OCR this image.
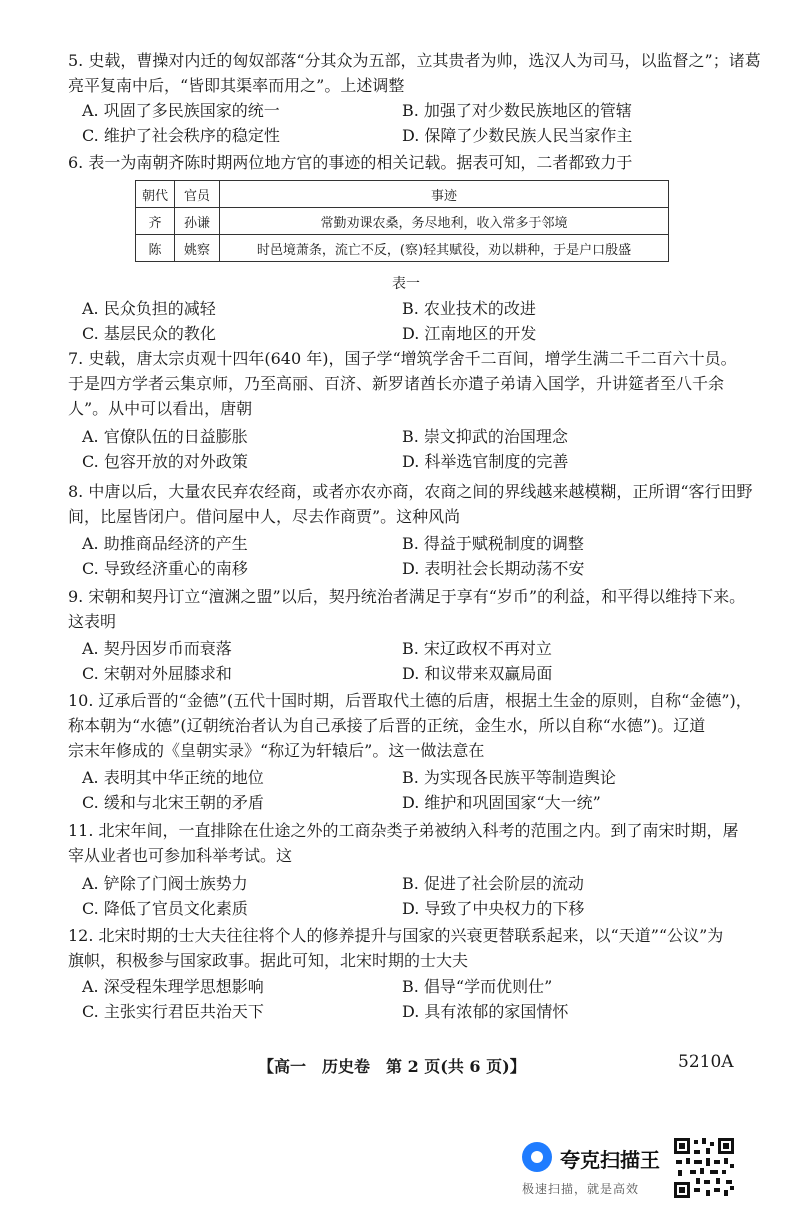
5. 史载，曹操对内迁的匈奴部落“分其众为五部，立其贵者为帅，选汉人为司马，以监督之”；诸葛
亮平复南中后，“皆即其渠率而用之”。上述调整
A. 巩固了多民族国家的统一	B. 加强了对少数民族地区的管辖
C. 维护了社会秩序的稳定性	D. 保障了少数民族人民当家作主
6. 表一为南朝齐陈时期两位地方官的事迹的相关记载。据表可知，二者都致力于
朝代	官员	事迹
齐	孙谦	常勤劝课农桑，务尽地利，收入常多于邻境
陈	姚察	时邑境萧条，流亡不反，(察)轻其赋役，劝以耕种，于是户口殷盛
表一
A. 民众负担的减轻	B. 农业技术的改进
C. 基层民众的教化	D. 江南地区的开发
7. 史载，唐太宗贞观十四年(640 年)，国子学“增筑学舍千二百间，增学生满二千二百六十员。
于是四方学者云集京师，乃至高丽、百济、新罗诸酋长亦遣子弟请入国学，升讲筵者至八千余
人”。从中可以看出，唐朝
A. 官僚队伍的日益膨胀	B. 崇文抑武的治国理念
C. 包容开放的对外政策	D. 科举选官制度的完善
8. 中唐以后，大量农民弃农经商，或者亦农亦商，农商之间的界线越来越模糊，正所谓“客行田野
间，比屋皆闭户。借问屋中人，尽去作商贾”。这种风尚
A. 助推商品经济的产生	B. 得益于赋税制度的调整
C. 导致经济重心的南移	D. 表明社会长期动荡不安
9. 宋朝和契丹订立“澶渊之盟”以后，契丹统治者满足于享有“岁币”的利益，和平得以维持下来。
这表明
A. 契丹因岁币而衰落	B. 宋辽政权不再对立
C. 宋朝对外屈膝求和	D. 和议带来双赢局面
10. 辽承后晋的“金德”(五代十国时期，后晋取代土德的后唐，根据土生金的原则，自称“金德”)，
称本朝为“水德”(辽朝统治者认为自己承接了后晋的正统，金生水，所以自称“水德”)。辽道
宗末年修成的《皇朝实录》“称辽为轩辕后”。这一做法意在
A. 表明其中华正统的地位	B. 为实现各民族平等制造舆论
C. 缓和与北宋王朝的矛盾	D. 维护和巩固国家“大一统”
11. 北宋年间，一直排除在仕途之外的工商杂类子弟被纳入科考的范围之内。到了南宋时期，屠
宰从业者也可参加科举考试。这
A. 铲除了门阀士族势力	B. 促进了社会阶层的流动
C. 降低了官员文化素质	D. 导致了中央权力的下移
12. 北宋时期的士大夫往往将个人的修养提升与国家的兴衰更替联系起来，以“天道”“公议”为
旗帜，积极参与国家政事。据此可知，北宋时期的士大夫
A. 深受程朱理学思想影响	B. 倡导“学而优则仕”
C. 主张实行君臣共治天下	D. 具有浓郁的家国情怀
【高一　历史卷　第 2 页(共 6 页)】	5210A
夸克扫描王
极速扫描，就是高效
